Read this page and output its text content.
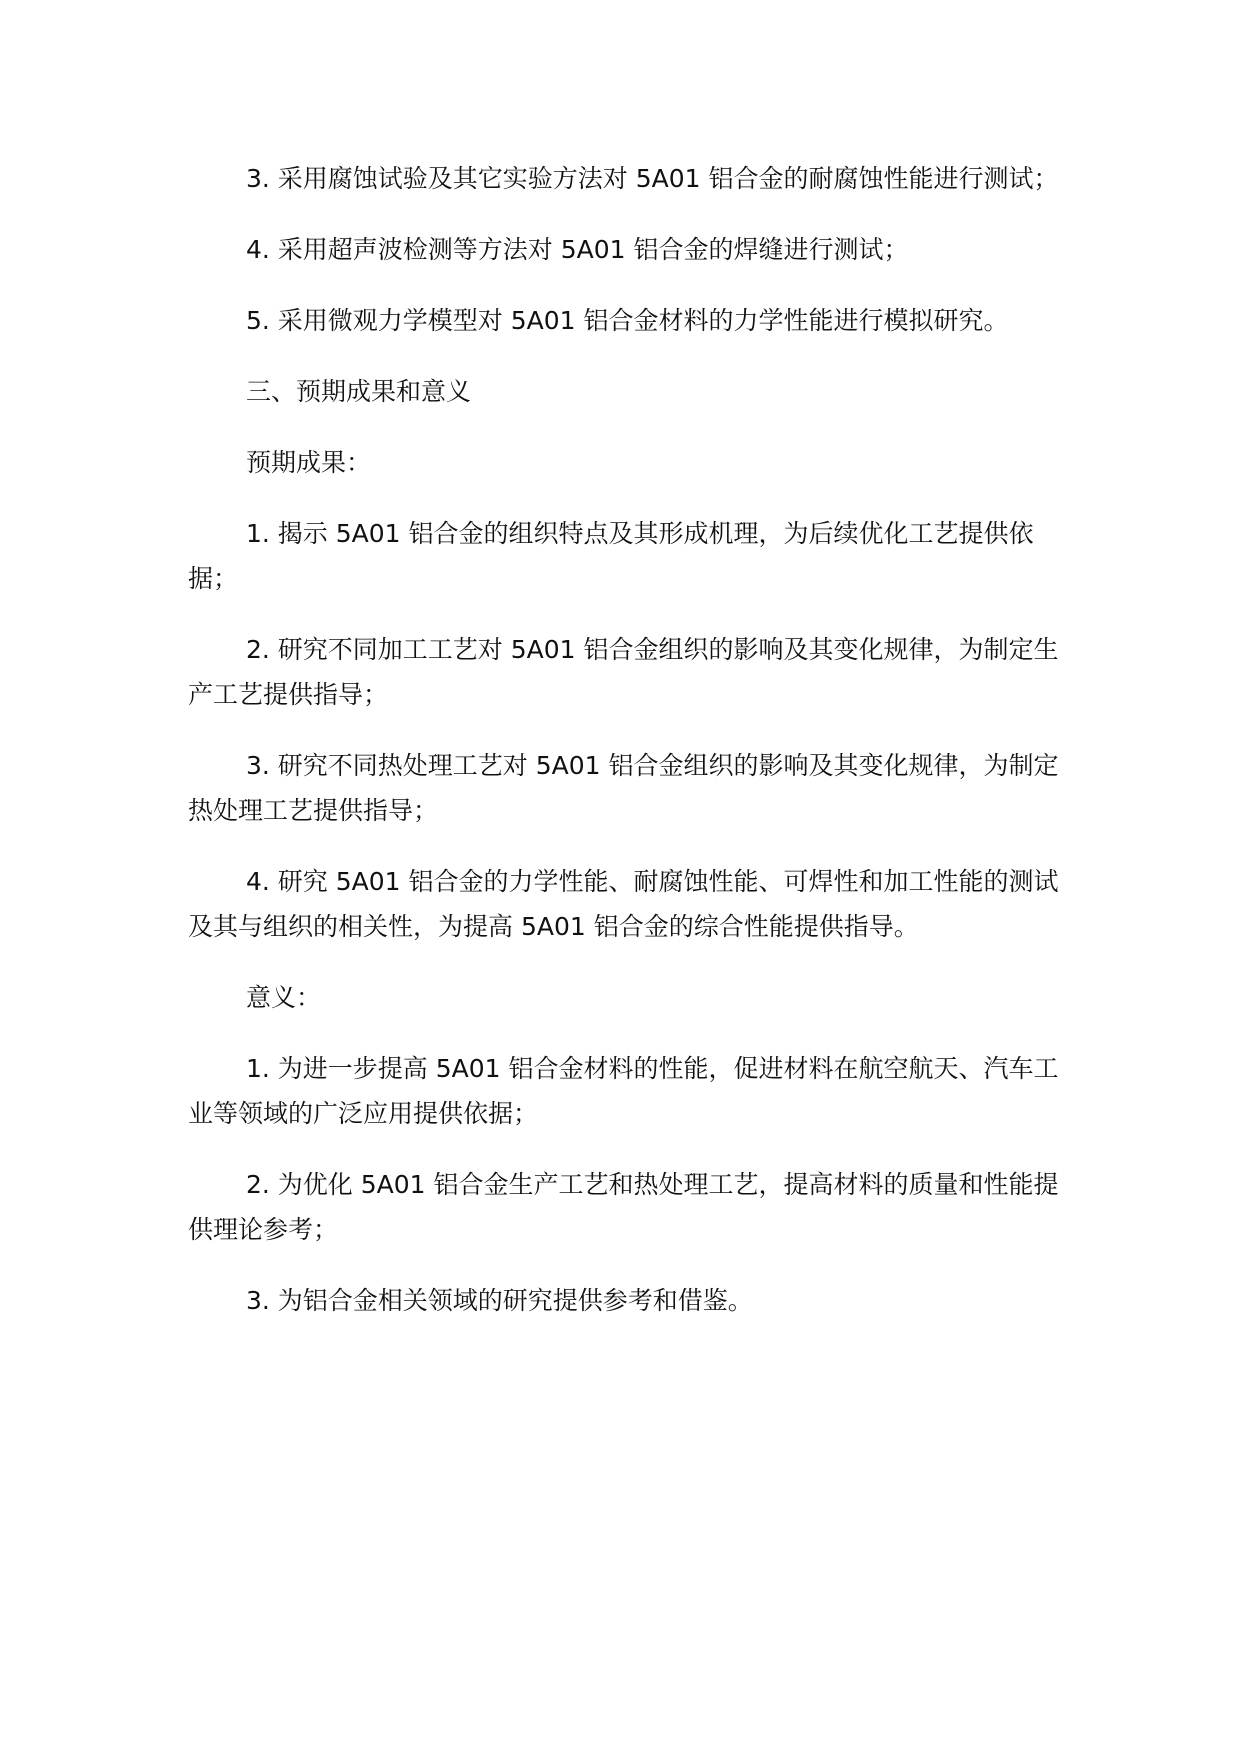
3. 采用腐蚀试验及其它实验方法对 5A01 铝合金的耐腐蚀性能进行测试；

4. 采用超声波检测等方法对 5A01 铝合金的焊缝进行测试；

5. 采用微观力学模型对 5A01 铝合金材料的力学性能进行模拟研究。

三、预期成果和意义

预期成果：

1. 揭示 5A01 铝合金的组织特点及其形成机理，为后续优化工艺提供依据；

2. 研究不同加工工艺对 5A01 铝合金组织的影响及其变化规律，为制定生产工艺提供指导；

3. 研究不同热处理工艺对 5A01 铝合金组织的影响及其变化规律，为制定热处理工艺提供指导；

4. 研究 5A01 铝合金的力学性能、耐腐蚀性能、可焊性和加工性能的测试及其与组织的相关性，为提高 5A01 铝合金的综合性能提供指导。

意义：

1. 为进一步提高 5A01 铝合金材料的性能，促进材料在航空航天、汽车工业等领域的广泛应用提供依据；

2. 为优化 5A01 铝合金生产工艺和热处理工艺，提高材料的质量和性能提供理论参考；

3. 为铝合金相关领域的研究提供参考和借鉴。
